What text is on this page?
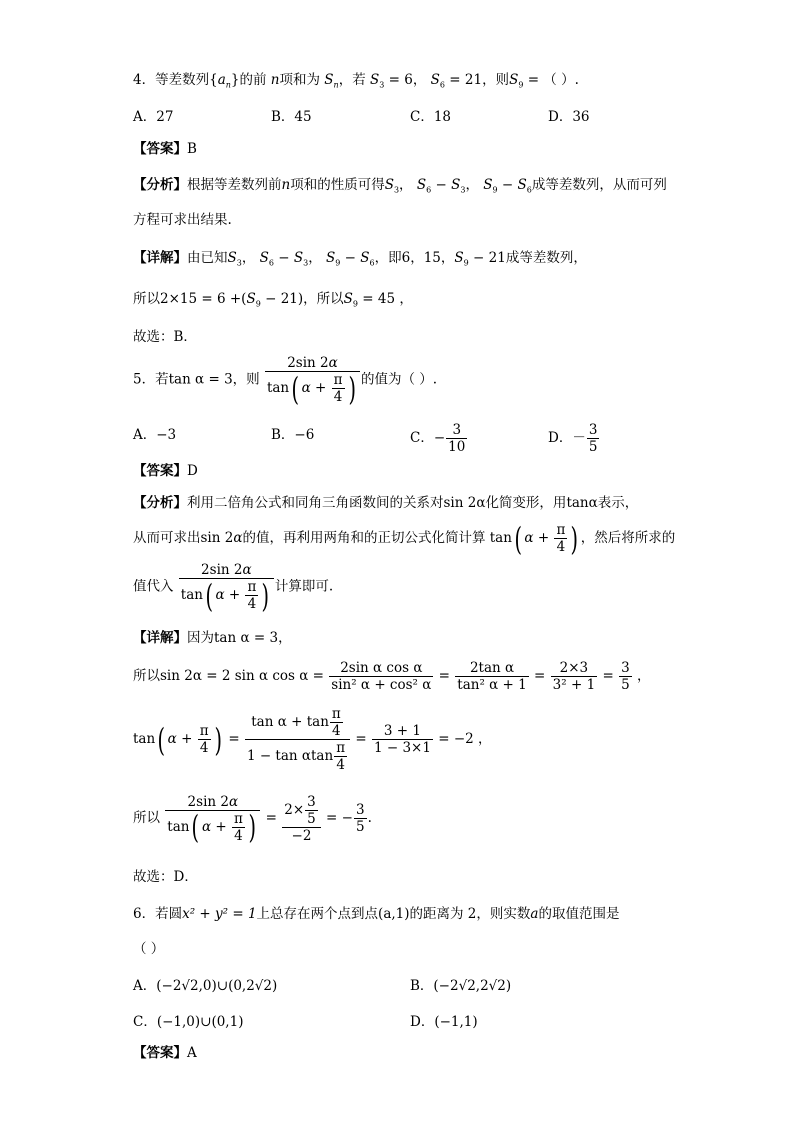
4．等差数列$\{a_n\}$的前 n项和为 $S_n$，若 $S_3 = 6$， $S_6 = 21$，则$S_9$ = （ ）.
A．27	B．45	C．18	D．36
【答案】B
【分析】根据等差数列前n项和的性质可得$S_3$， $S_6 - S_3$， $S_9 - S_6$成等差数列，从而可列
方程可求出结果.
【详解】由已知$S_3$， $S_6 - S_3$， $S_9 - S_6$，即6，15，$S_9 - 21$成等差数列，
所以$2\times 15 = 6 +(S_9 - 21)$，所以$S_9 = 45$ ，
故选：B．
5．若tan α = 3，则 $\frac{2\sin 2\alpha}{\tan( \alpha + \frac{\pi}{4} )}$ 的值为（ ）.
A．−3	B．−6	C．− $\frac{3}{10}$	D．－ $\frac{3}{5}$
【答案】D
【分析】利用二倍角公式和同角三角函数间的关系对sin 2α化简变形，用tanα表示，
从而可求出sin 2α的值，再利用两角和的正切公式化简计算 tan( $\alpha + \frac{\pi}{4}$ ) ，然后将所求的
值代入 $\frac{2\sin 2\alpha}{\tan( \alpha + \frac{\pi}{4} )}$ 计算即可.
【详解】因为tan α = 3，
所以sin 2α = 2 sin α $\cos \alpha = \frac{\text{2sin α cos α}}{\text{sin² α + cos² α}} = \frac{\text{2tan α}}{\text{tan² α + 1}} = \frac{2\times 3}{\text{3² + 1}} = \frac{3}{5}$ ，
tan( $\alpha + \frac{\pi}{4}$ ) = $\frac{\tan \alpha + \tan \frac{\pi}{4}}{1 - \tan \alpha\tan \frac{\pi}{4}} = \frac{3 + 1}{1 - 3\times 1} = -2$ ，
所以 $\frac{2\sin 2\alpha}{\tan( \alpha + \frac{\pi}{4} )} = \frac{2\times \frac{3}{5}}{-2}$ = − $\frac{3}{5}$ .
故选：D．
6．若圆x² + y² = 1上总存在两个点到点(a,1)的距离为 2，则实数a的取值范围是
（ ）
A．(−2√2,0)∪(0,2√2)	B．(−2√2,2√2)
C．(−1,0)∪(0,1)	D．(−1,1)
【答案】A
